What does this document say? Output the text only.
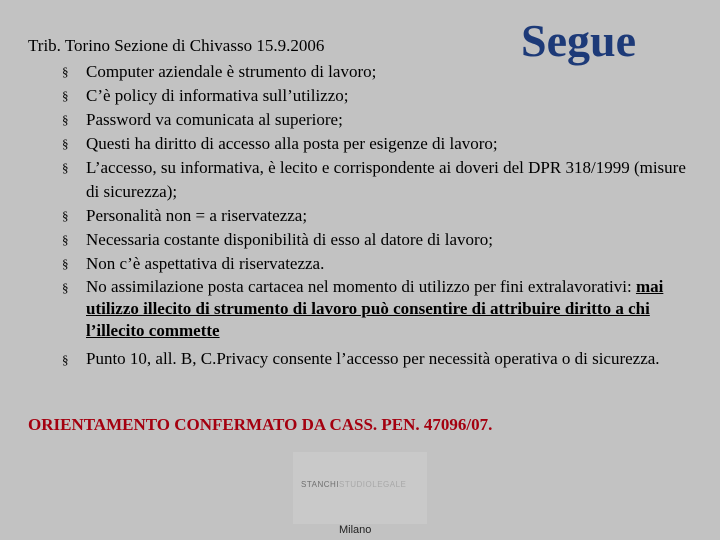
Trib. Torino Sezione di Chivasso 15.9.2006	Segue
§ Computer aziendale è strumento di lavoro;
§ C’è policy di informativa sull’utilizzo;
§ Password va comunicata al superiore;
§ Questi ha diritto di accesso alla posta per esigenze di lavoro;
§ L’accesso, su informativa, è lecito e corrispondente ai doveri del DPR 318/1999 (misure di sicurezza);
§ Personalità non = a riservatezza;
§ Necessaria costante disponibilità di esso al datore di lavoro;
§ Non c’è aspettativa di riservatezza.
§ No assimilazione posta cartacea nel momento di utilizzo per fini extralavorativi: mai utilizzo illecito di strumento di lavoro può consentire di attribuire diritto a chi l’illecito commette
§ Punto 10, all. B, C.Privacy consente l’accesso per necessità operativa o di sicurezza.
ORIENTAMENTO CONFERMATO DA CASS. PEN. 47096/07.
STANCHISTUDIOLEGALE
Milano
